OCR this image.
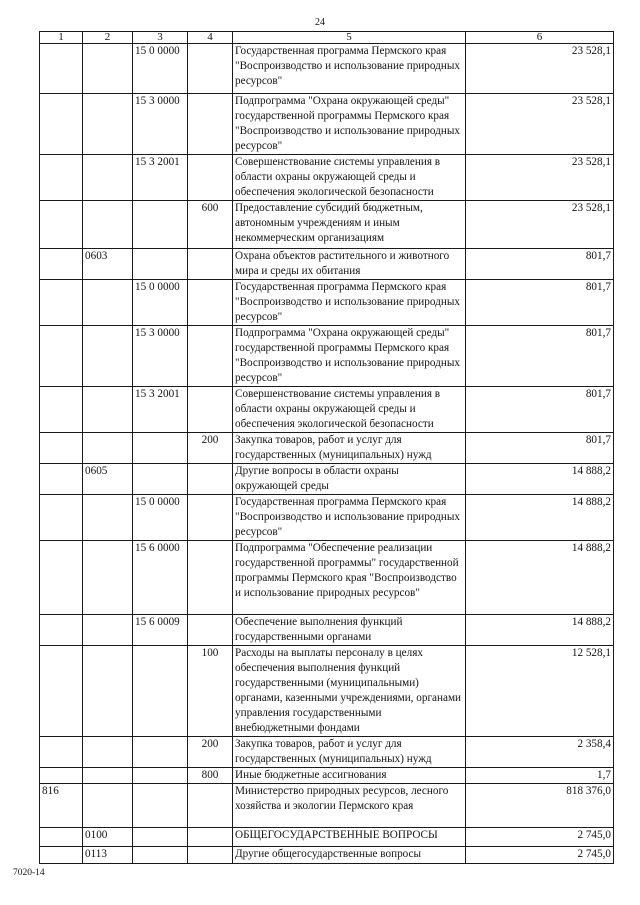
24
1	2	3	4	5	6
		15 0 0000		Государственная программа Пермского края "Воспроизводство и использование природных ресурсов"	23 528,1
		15 3 0000		Подпрограмма "Охрана окружающей среды" государственной программы Пермского края "Воспроизводство и использование природных ресурсов"	23 528,1
		15 3 2001		Совершенствование системы управления в области охраны окружающей среды и обеспечения экологической безопасности	23 528,1
			600	Предоставление субсидий бюджетным, автономным учреждениям и иным некоммерческим организациям	23 528,1
	0603			Охрана объектов растительного и животного мира и среды их обитания	801,7
		15 0 0000		Государственная программа Пермского края "Воспроизводство и использование природных ресурсов"	801,7
		15 3 0000		Подпрограмма "Охрана окружающей среды" государственной программы Пермского края "Воспроизводство и использование природных ресурсов"	801,7
		15 3 2001		Совершенствование системы управления в области охраны окружающей среды и обеспечения экологической безопасности	801,7
			200	Закупка товаров, работ и услуг для государственных (муниципальных) нужд	801,7
	0605			Другие вопросы в области охраны окружающей среды	14 888,2
		15 0 0000		Государственная программа Пермского края "Воспроизводство и использование природных ресурсов"	14 888,2
		15 6 0000		Подпрограмма "Обеспечение реализации государственной программы" государственной программы Пермского края "Воспроизводство и использование природных ресурсов"	14 888,2
		15 6 0009		Обеспечение выполнения функций государственными органами	14 888,2
			100	Расходы на выплаты персоналу в целях обеспечения выполнения функций государственными (муниципальными) органами, казенными учреждениями, органами управления государственными внебюджетными фондами	12 528,1
			200	Закупка товаров, работ и услуг для государственных (муниципальных) нужд	2 358,4
			800	Иные бюджетные ассигнования	1,7
816				Министерство природных ресурсов, лесного хозяйства и экологии Пермского края	818 376,0
	0100			ОБЩЕГОСУДАРСТВЕННЫЕ ВОПРОСЫ	2 745,0
	0113			Другие общегосударственные вопросы	2 745,0
7020-14
